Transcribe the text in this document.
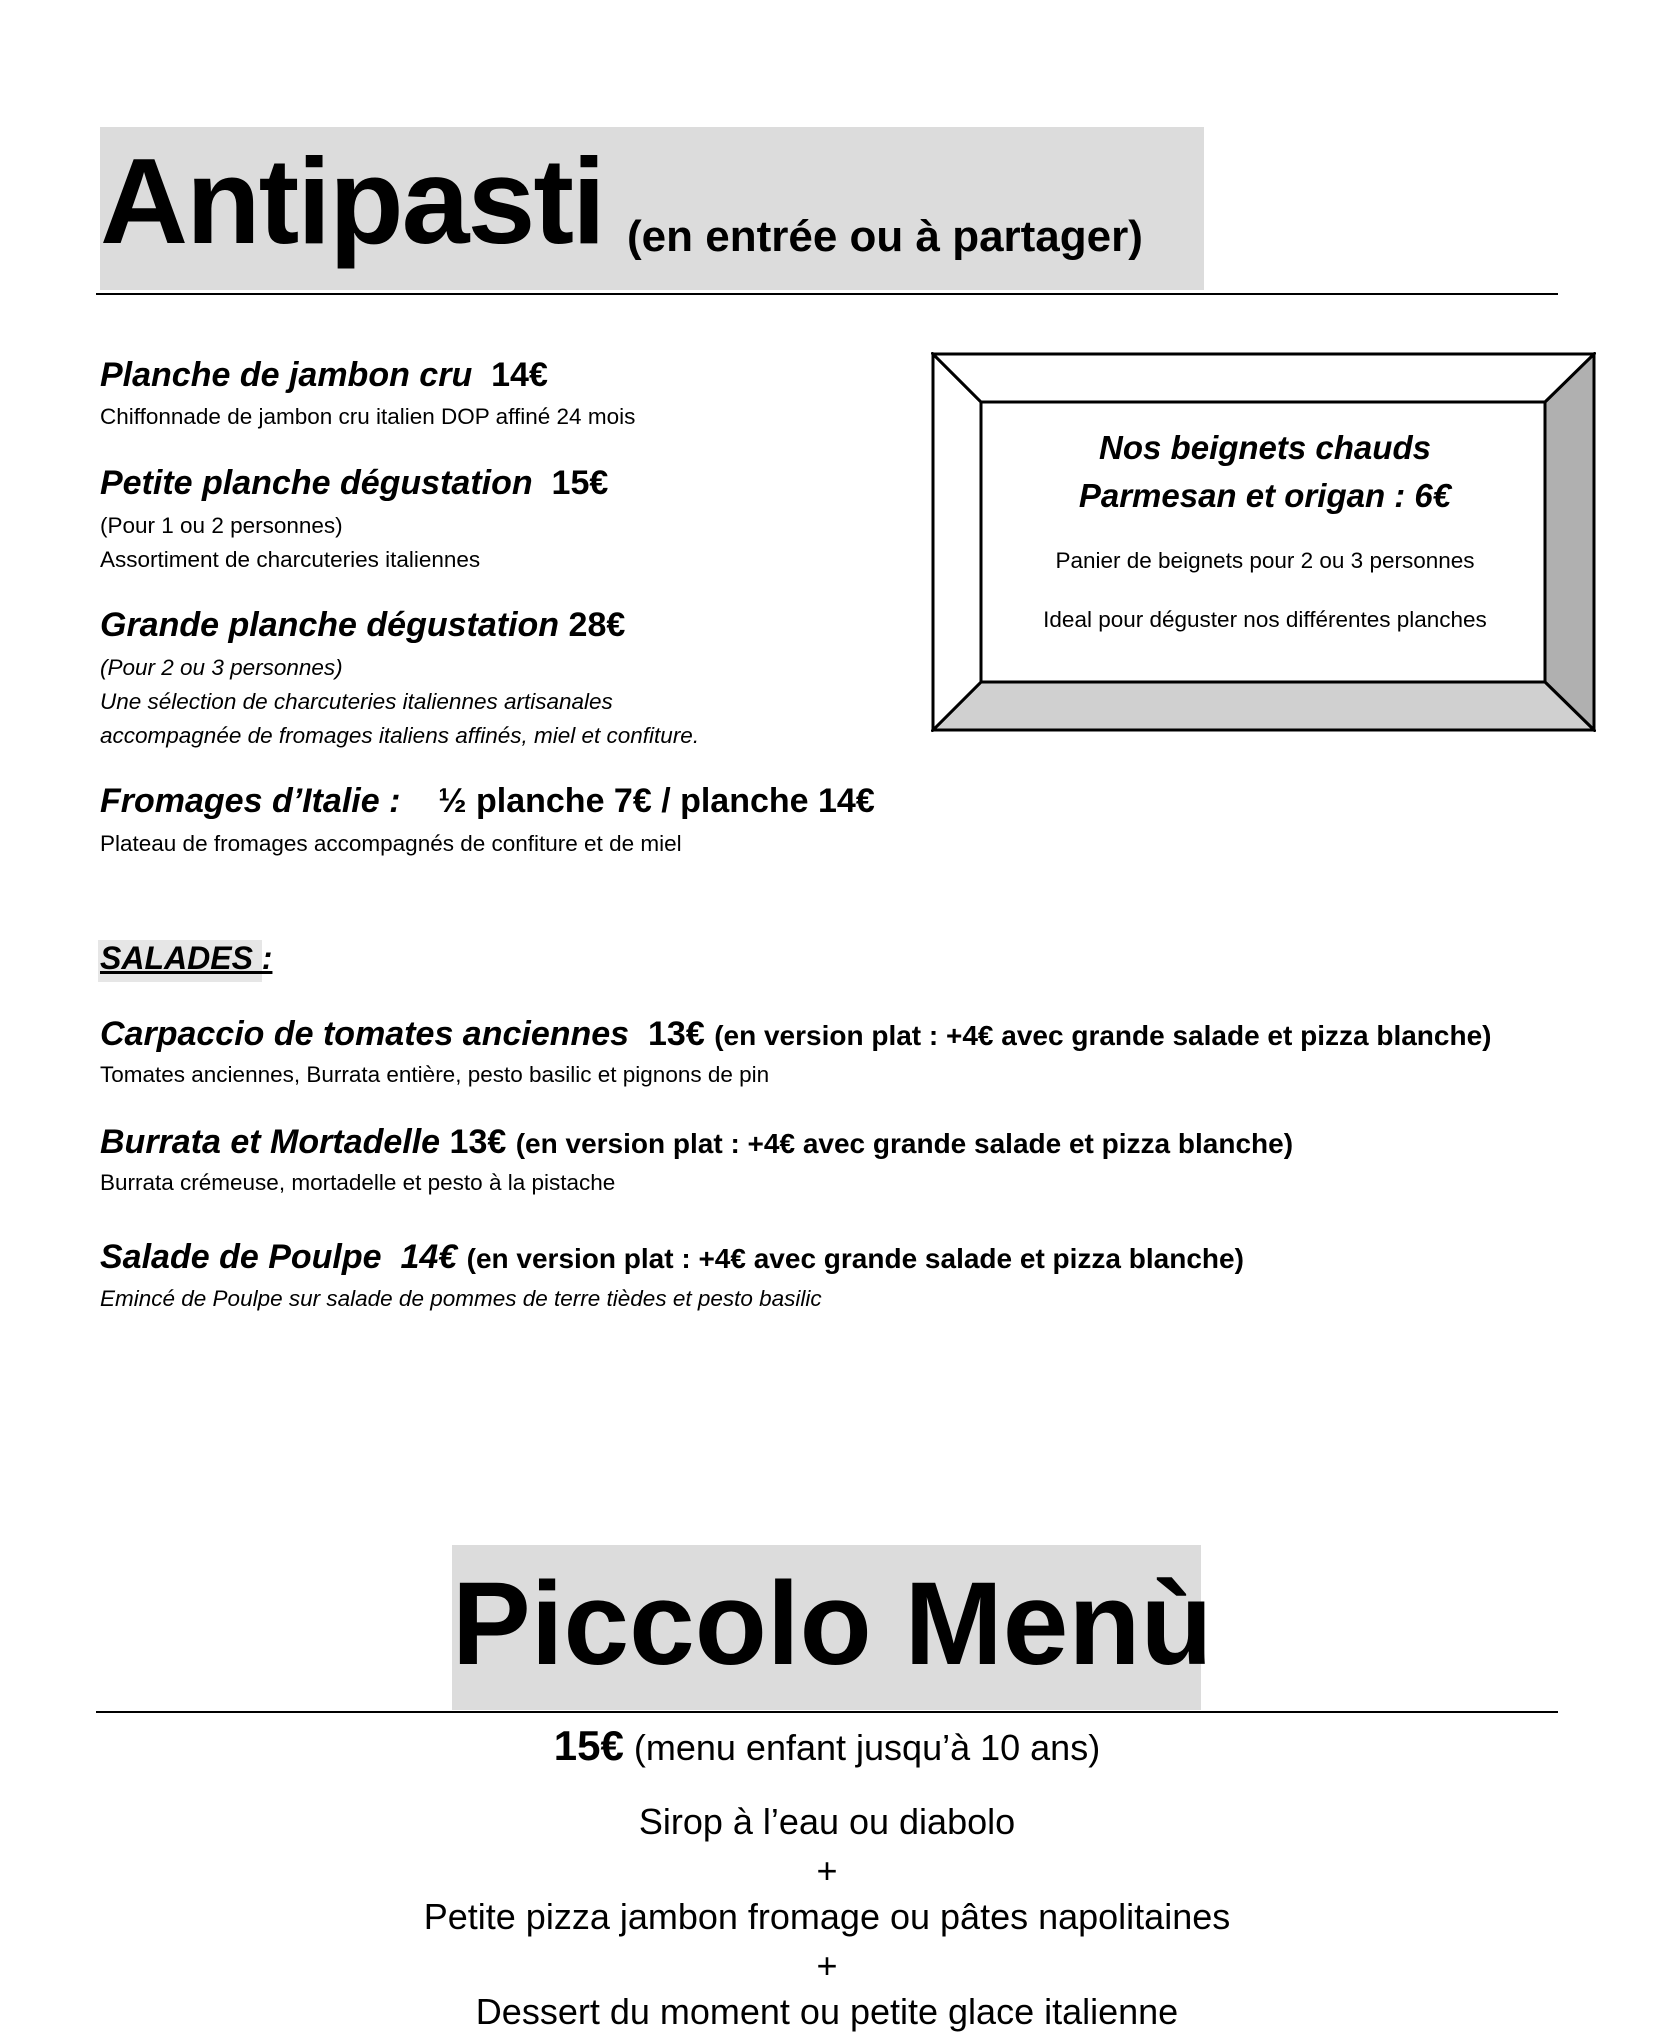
Antipasti (en entrée ou à partager)
Planche de jambon cru 14€
Chiffonnade de jambon cru italien DOP affiné 24 mois
Petite planche dégustation 15€
(Pour 1 ou 2 personnes)
Assortiment de charcuteries italiennes
Grande planche dégustation 28€
(Pour 2 ou 3 personnes)
Une sélection de charcuteries italiennes artisanales
accompagnée de fromages italiens affinés, miel et confiture.
Fromages d’Italie : ½ planche 7€ / planche 14€
Plateau de fromages accompagnés de confiture et de miel
Nos beignets chauds
Parmesan et origan : 6€
Panier de beignets pour 2 ou 3 personnes
Ideal pour déguster nos différentes planches
SALADES :
Carpaccio de tomates anciennes 13€ (en version plat : +4€ avec grande salade et pizza blanche)
Tomates anciennes, Burrata entière, pesto basilic et pignons de pin
Burrata et Mortadelle 13€ (en version plat : +4€ avec grande salade et pizza blanche)
Burrata crémeuse, mortadelle et pesto à la pistache
Salade de Poulpe 14€ (en version plat : +4€ avec grande salade et pizza blanche)
Emincé de Poulpe sur salade de pommes de terre tièdes et pesto basilic
Piccolo Menù
15€ (menu enfant jusqu’à 10 ans)
Sirop à l’eau ou diabolo
+
Petite pizza jambon fromage ou pâtes napolitaines
+
Dessert du moment ou petite glace italienne
